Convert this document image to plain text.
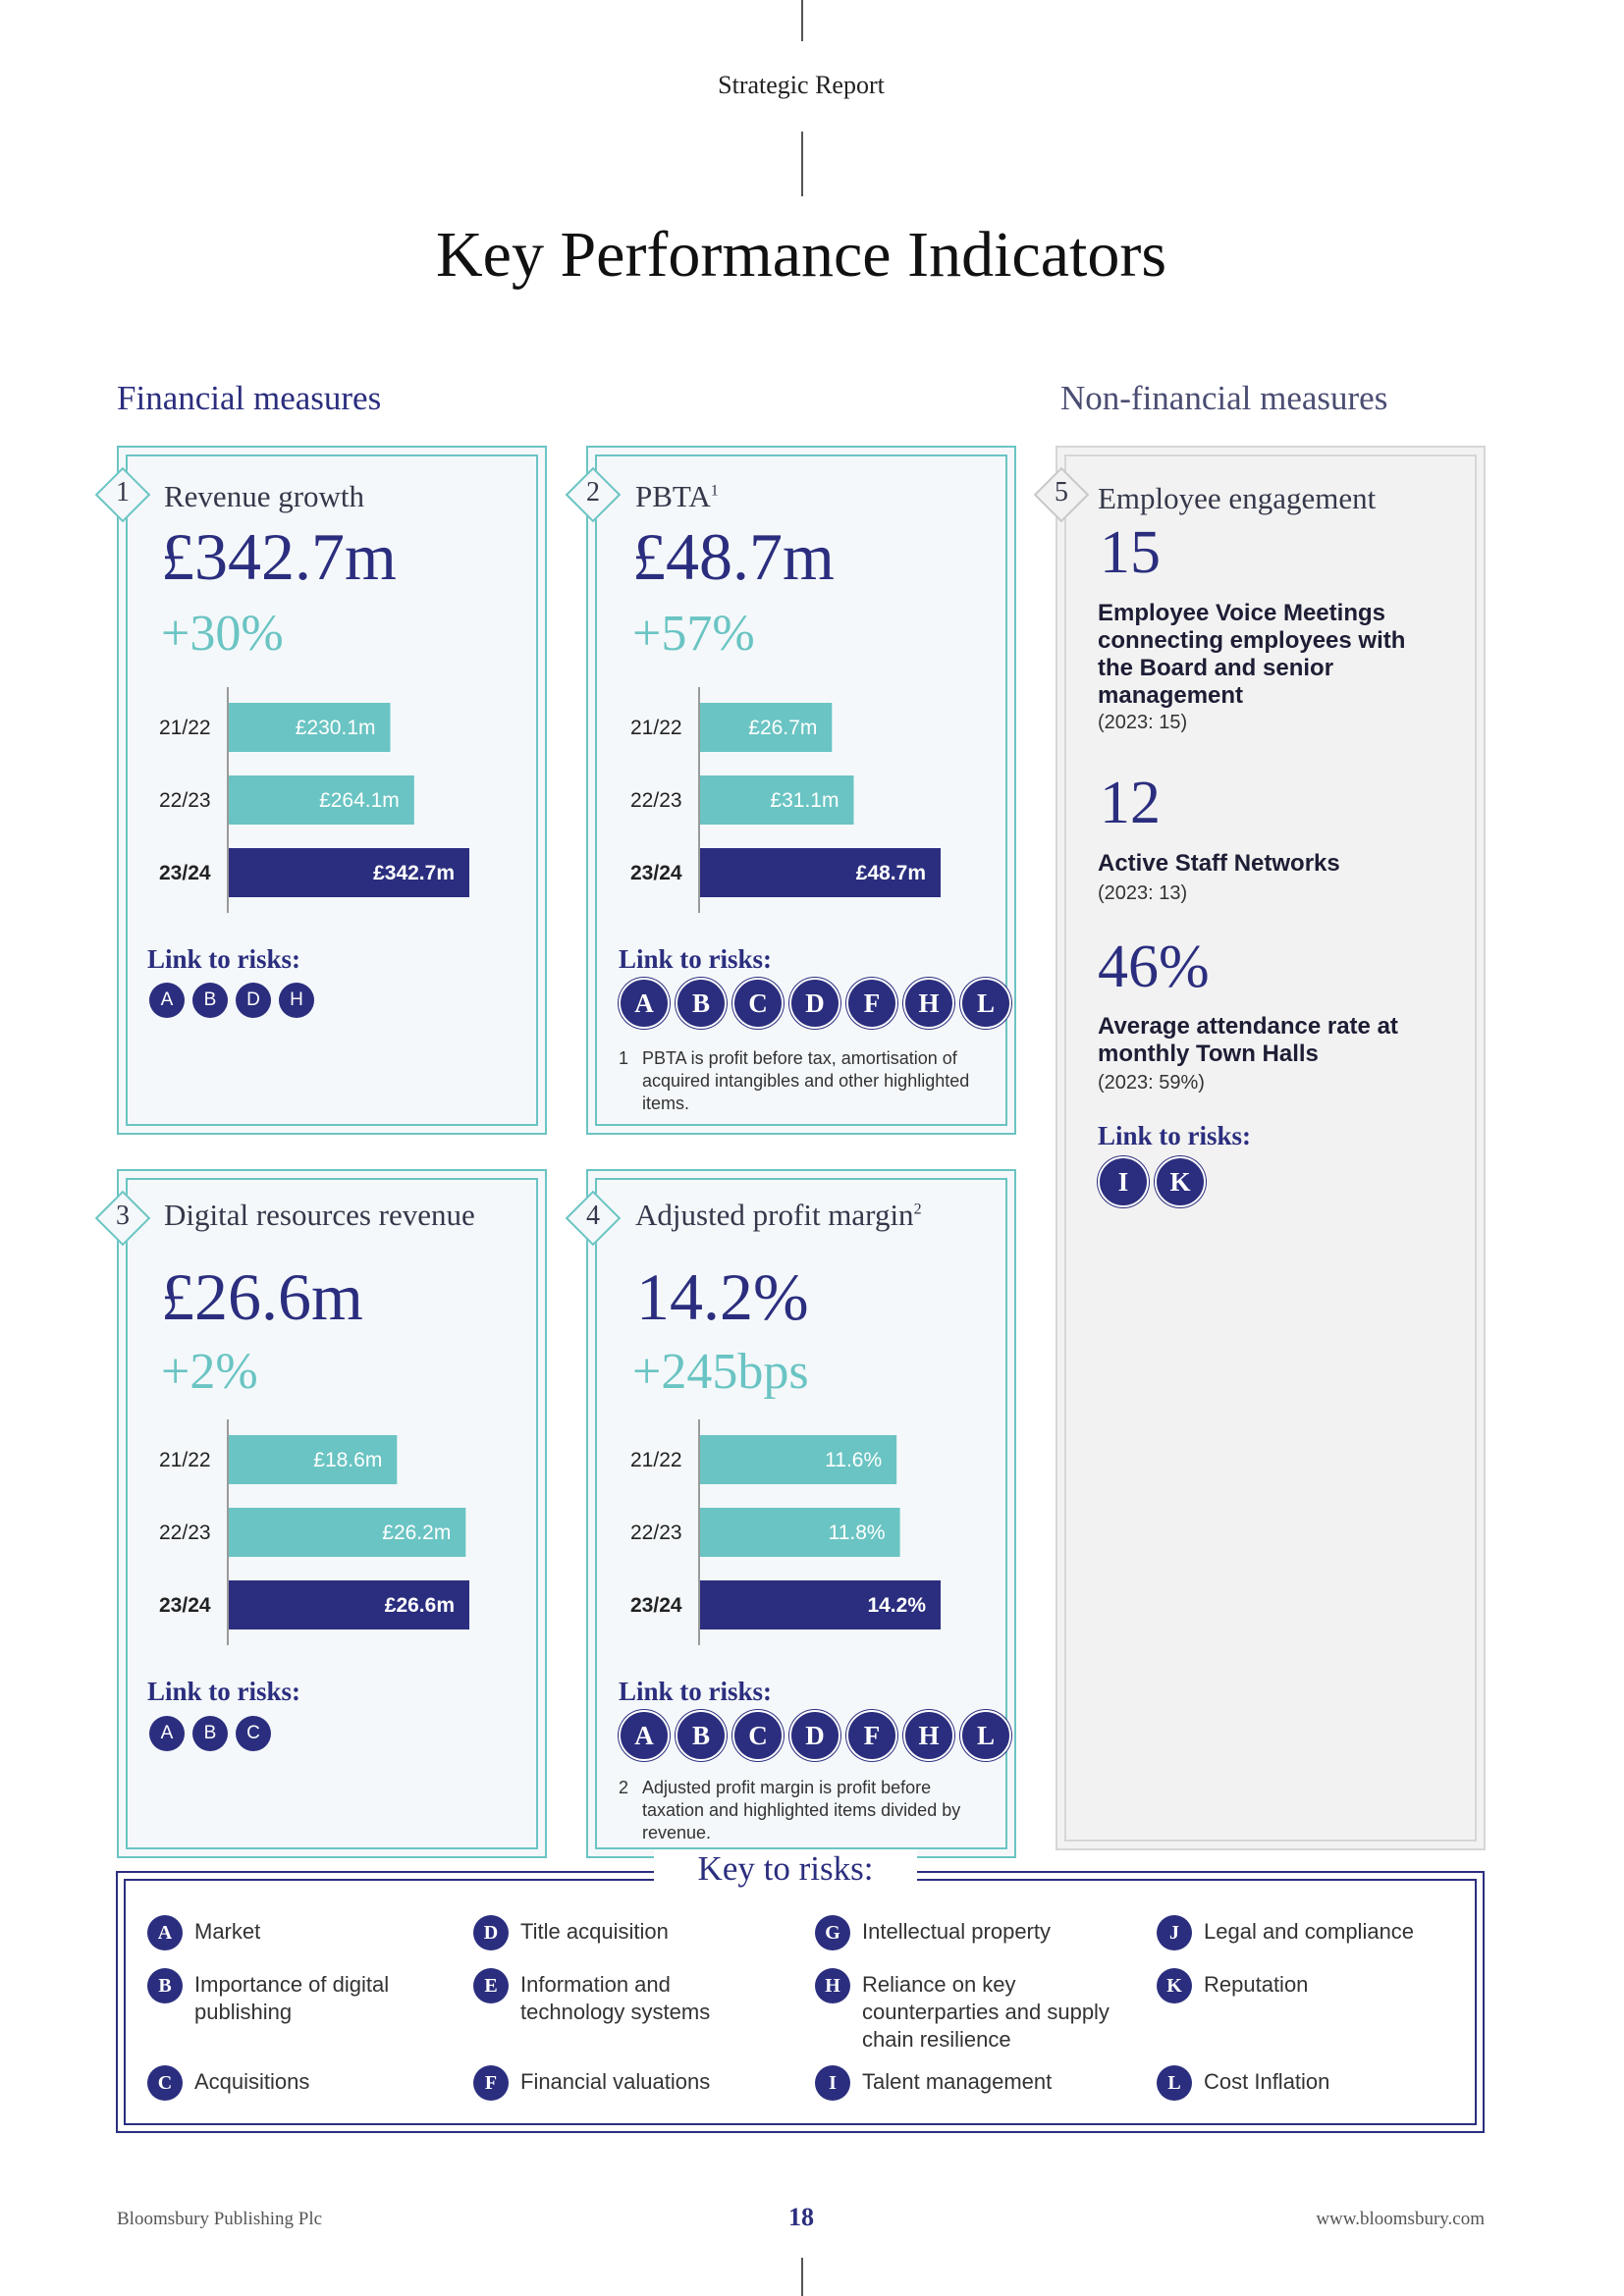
Strategic Report
Key Performance Indicators
Financial measures	Non-financial measures
1	Revenue growth
£342.7m
+30%
21/22	£230.1m
22/23	£264.1m
23/24	£342.7m
Link to risks:
A	B	D	H
2	PBTA$^1$
£48.7m
+57%
21/22	£26.7m
22/23	£31.1m
23/24	£48.7m
Link to risks:
A	B	C	D	F	H	L
1 PBTA is profit before tax, amortisation of acquired intangibles and other highlighted items.
3	Digital resources revenue
£26.6m
+2%
21/22	£18.6m
22/23	£26.2m
23/24	£26.6m
Link to risks:
A	B	C
4	Adjusted profit margin$^2$
14.2%
+245bps
21/22	11.6%
22/23	11.8%
23/24	14.2%
Link to risks:
A	B	C	D	F	H	L
2 Adjusted profit margin is profit before taxation and highlighted items divided by revenue.
5 Employee engagement
15
Employee Voice Meetings connecting employees with the Board and senior management
(2023: 15)
12
Active Staff Networks
(2023: 13)
46%
Average attendance rate at monthly Town Halls
(2023: 59%)
Link to risks:
I	K
Key to risks:
A	Market
B	Importance of digital publishing
C	Acquisitions
D	Title acquisition
E	Information and technology systems
F	Financial valuations
G	Intellectual property
H	Reliance on key counterparties and supply chain resilience
I	Talent management
J	Legal and compliance
K	Reputation
L	Cost Inflation
Bloomsbury Publishing Plc	18	www.bloomsbury.com
